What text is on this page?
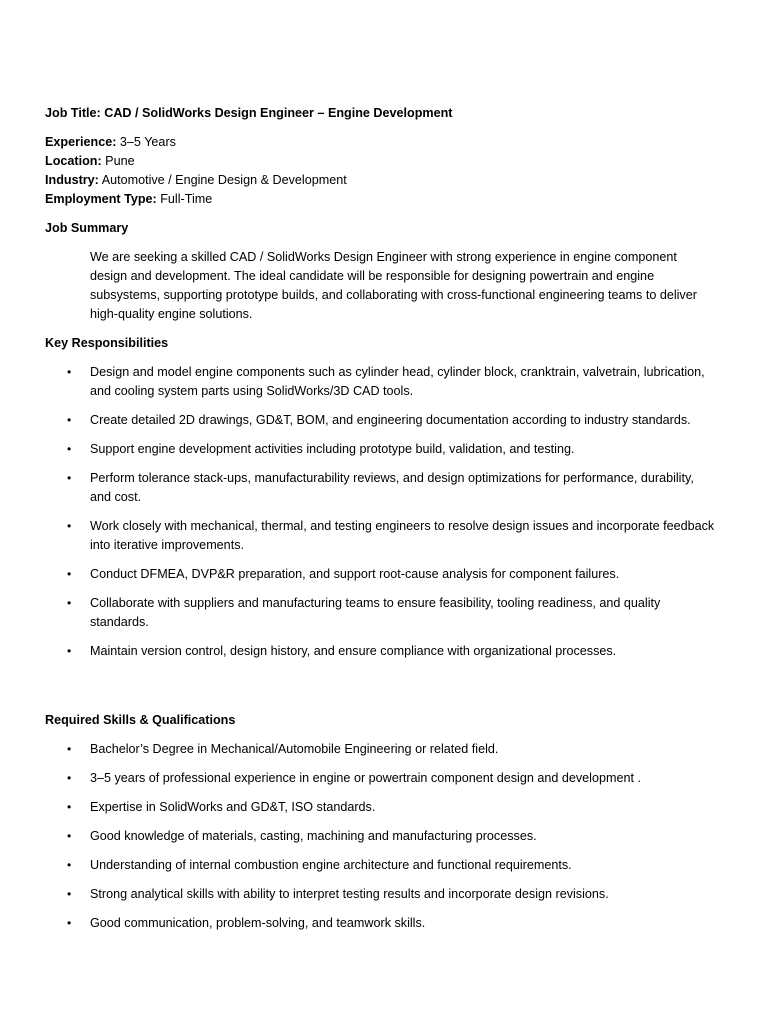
Job Title: CAD / SolidWorks Design Engineer – Engine Development

Experience: 3–5 Years

Location: Pune

Industry: Automotive / Engine Design & Development

Employment Type: Full-Time

Job Summary

We are seeking a skilled CAD / SolidWorks Design Engineer with strong experience in engine component design and development. The ideal candidate will be responsible for designing powertrain and engine subsystems, supporting prototype builds, and collaborating with cross-functional engineering teams to deliver high-quality engine solutions.

Key Responsibilities

• Design and model engine components such as cylinder head, cylinder block, cranktrain, valvetrain, lubrication, and cooling system parts using SolidWorks/3D CAD tools.
• Create detailed 2D drawings, GD&T, BOM, and engineering documentation according to industry standards.
• Support engine development activities including prototype build, validation, and testing.
• Perform tolerance stack-ups, manufacturability reviews, and design optimizations for performance, durability, and cost.
• Work closely with mechanical, thermal, and testing engineers to resolve design issues and incorporate feedback into iterative improvements.
• Conduct DFMEA, DVP&R preparation, and support root-cause analysis for component failures.
• Collaborate with suppliers and manufacturing teams to ensure feasibility, tooling readiness, and quality standards.
• Maintain version control, design history, and ensure compliance with organizational processes.

Required Skills & Qualifications

• Bachelor’s Degree in Mechanical/Automobile Engineering or related field.
• 3–5 years of professional experience in engine or powertrain component design and development .
• Expertise in SolidWorks and GD&T, ISO standards.
• Good knowledge of materials, casting, machining and manufacturing processes.
• Understanding of internal combustion engine architecture and functional requirements.
• Strong analytical skills with ability to interpret testing results and incorporate design revisions.
• Good communication, problem-solving, and teamwork skills.
